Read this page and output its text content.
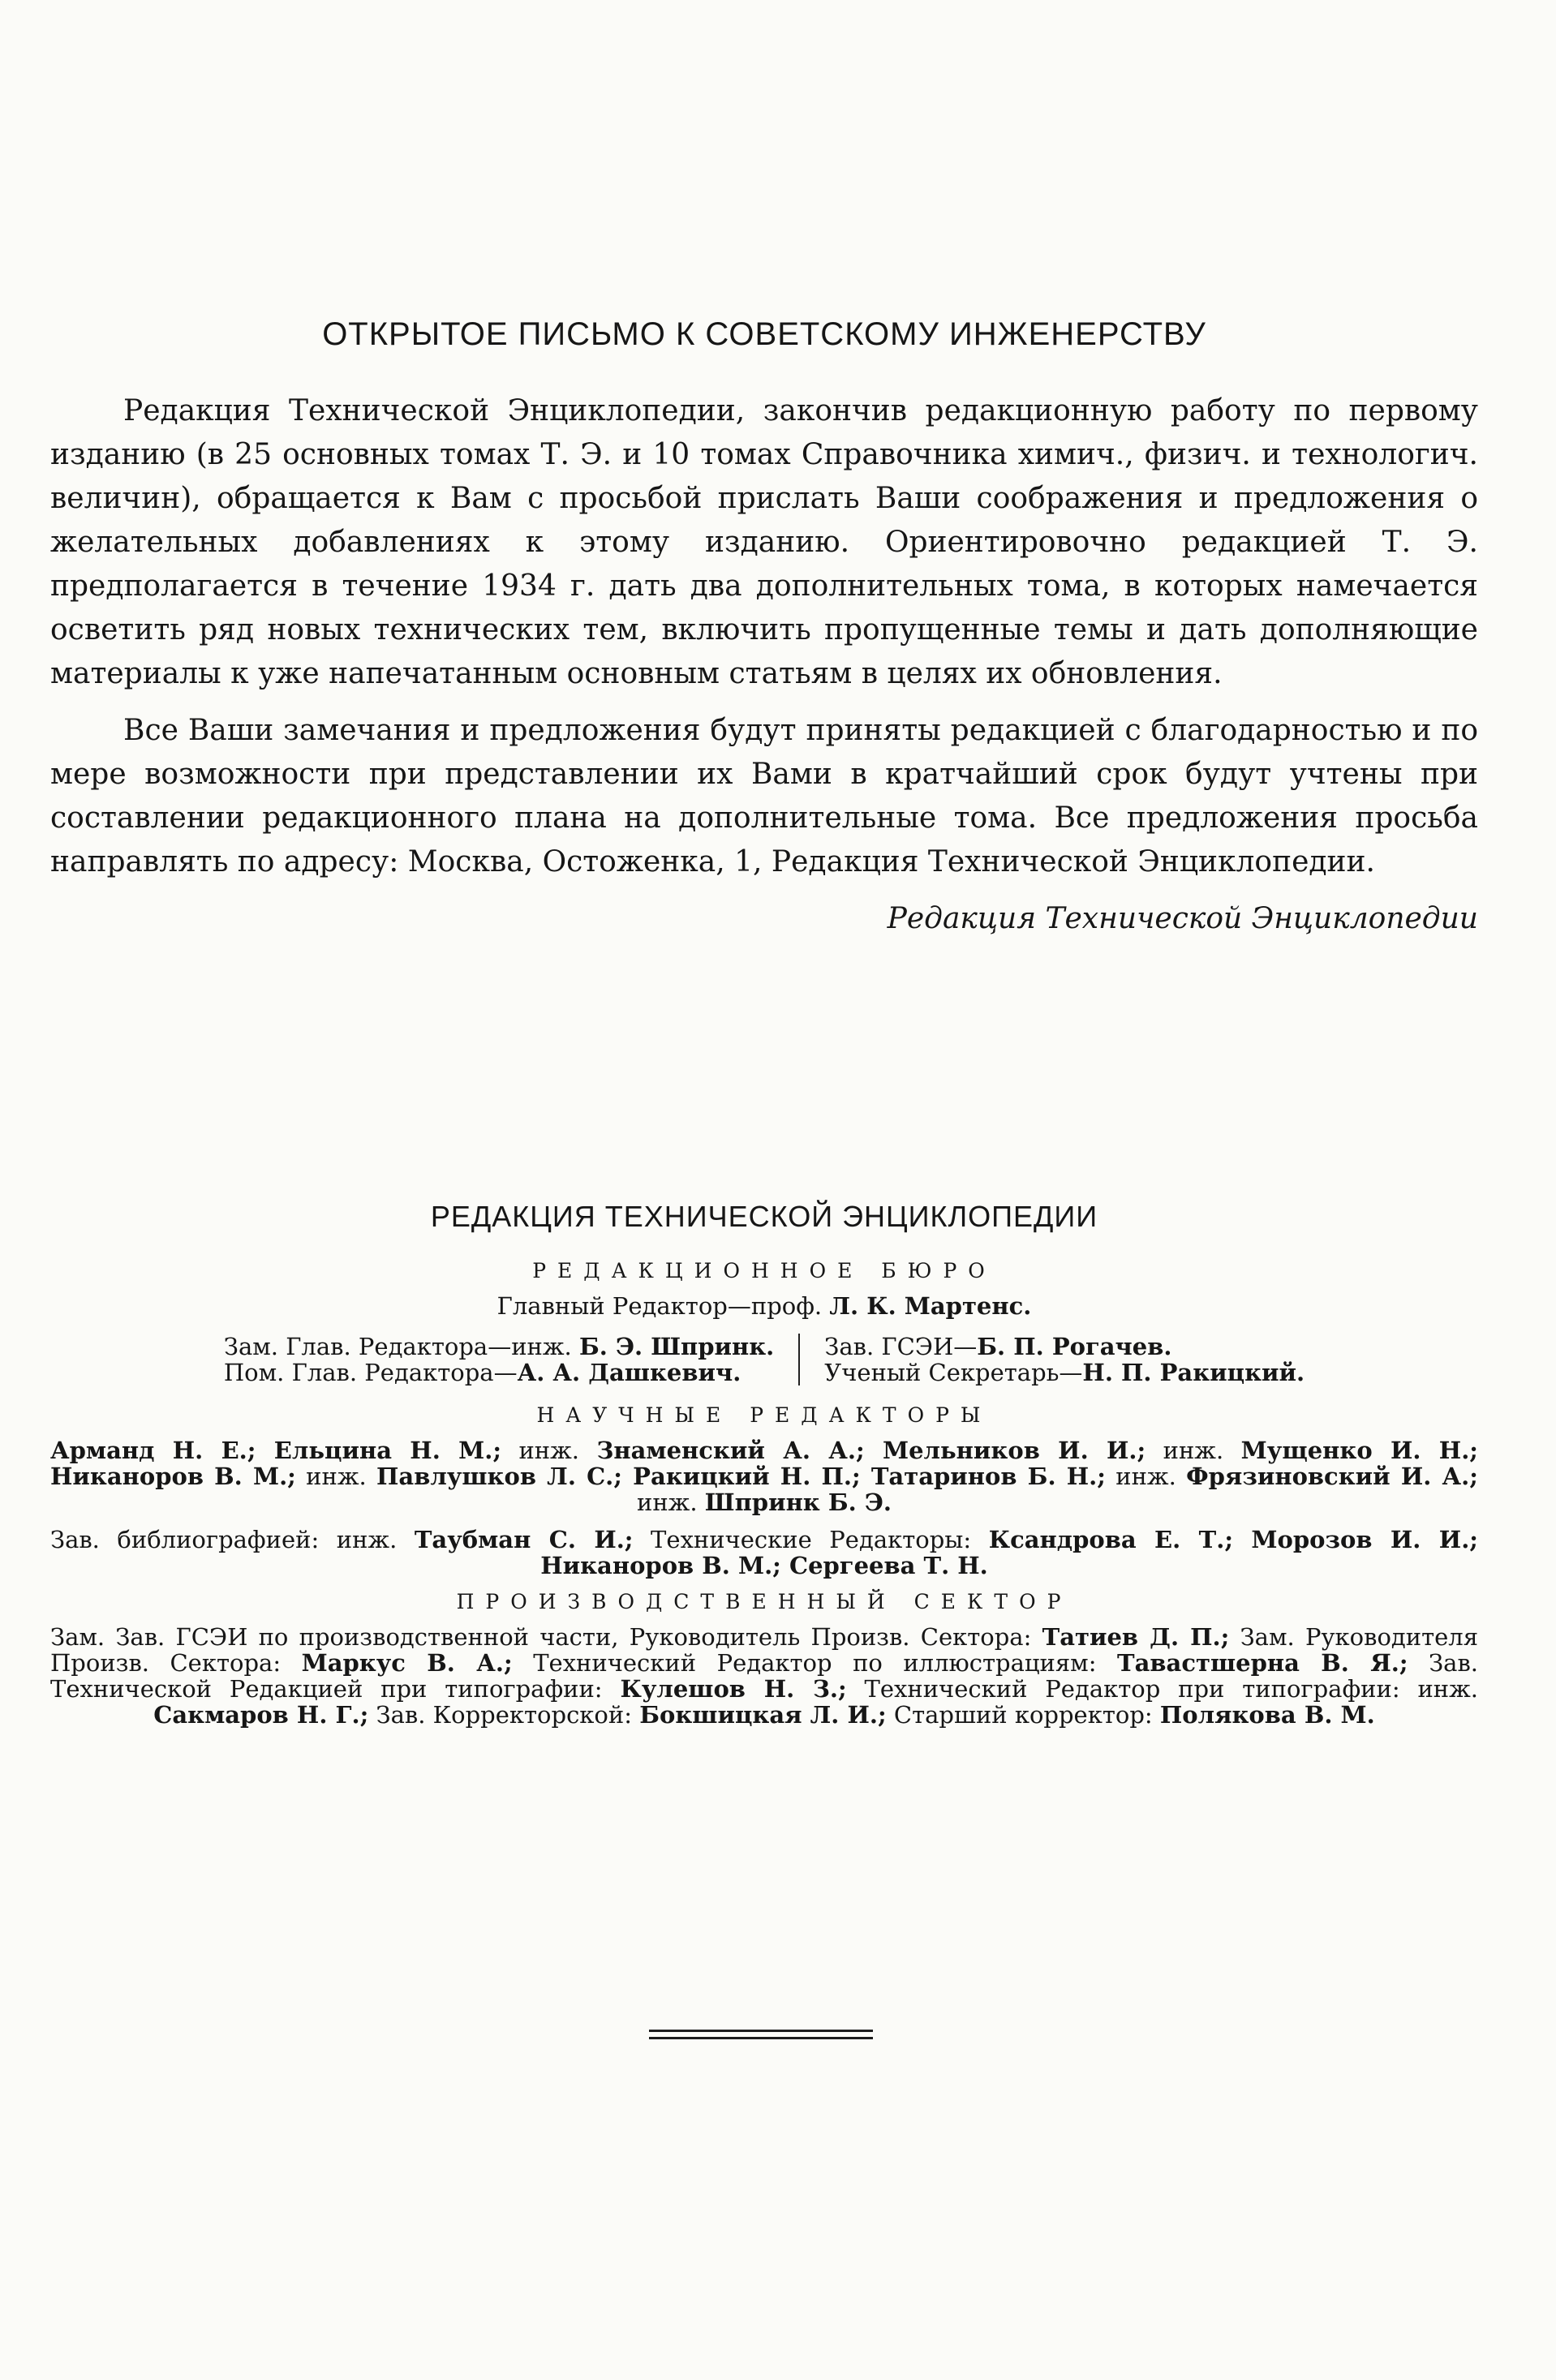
ОТКРЫТОЕ ПИСЬМО К СОВЕТСКОМУ ИНЖЕНЕРСТВУ

Редакция Технической Энциклопедии, закончив редакционную работу по первому изданию (в 25 основных томах Т. Э. и 10 томах Справочника химич., физич. и технологич. величин), обращается к Вам с просьбой прислать Ваши соображения и предложения о желательных добавлениях к этому изданию. Ориентировочно редакцией Т. Э. предполагается в течение 1934 г. дать два дополнительных тома, в которых намечается осветить ряд новых технических тем, включить пропущенные темы и дать дополняющие материалы к уже напечатанным основным статьям в целях их обновления.

Все Ваши замечания и предложения будут приняты редакцией с благодарностью и по мере возможности при представлении их Вами в кратчайший срок будут учтены при составлении редакционного плана на дополнительные тома. Все предложения просьба направлять по адресу: Москва, Остоженка, 1, Редакция Технической Энциклопедии.

Редакция Технической Энциклопедии
РЕДАКЦИЯ ТЕХНИЧЕСКОЙ ЭНЦИКЛОПЕДИИ
РЕДАКЦИОННОЕ БЮРО
Главный Редактор—проф. Л. К. Мартенс.
Зам. Глав. Редактора—инж. Б. Э. Шпринк.
Пом. Глав. Редактора—А. А. Дашкевич.
Зав. ГСЭИ—Б. П. Рогачев.
Ученый Секретарь—Н. П. Ракицкий.
НАУЧНЫЕ РЕДАКТОРЫ
Арманд Н. Е.; Ельцина Н. М.; инж. Знаменский А. А.; Мельников И. И.; инж. Мущенко И. Н.; Никаноров В. М.; инж. Павлушков Л. С.; Ракицкий Н. П.; Татаринов Б. Н.; инж. Фрязиновский И. А.; инж. Шпринк Б. Э.
Зав. библиографией: инж. Таубман С. И.; Технические Редакторы: Ксандрова Е. Т.; Морозов И. И.; Никаноров В. М.; Сергеева Т. Н.
ПРОИЗВОДСТВЕННЫЙ СЕКТОР
Зам. Зав. ГСЭИ по производственной части, Руководитель Произв. Сектора: Татиев Д. П.; Зам. Руководителя Произв. Сектора: Маркус В. А.; Технический Редактор по иллюстрациям: Тавастшерна В. Я.; Зав. Технической Редакцией при типографии: Кулешов Н. З.; Технический Редактор при типографии: инж. Сакмаров Н. Г.; Зав. Корректорской: Бокшицкая Л. И.; Старший корректор: Полякова В. М.
